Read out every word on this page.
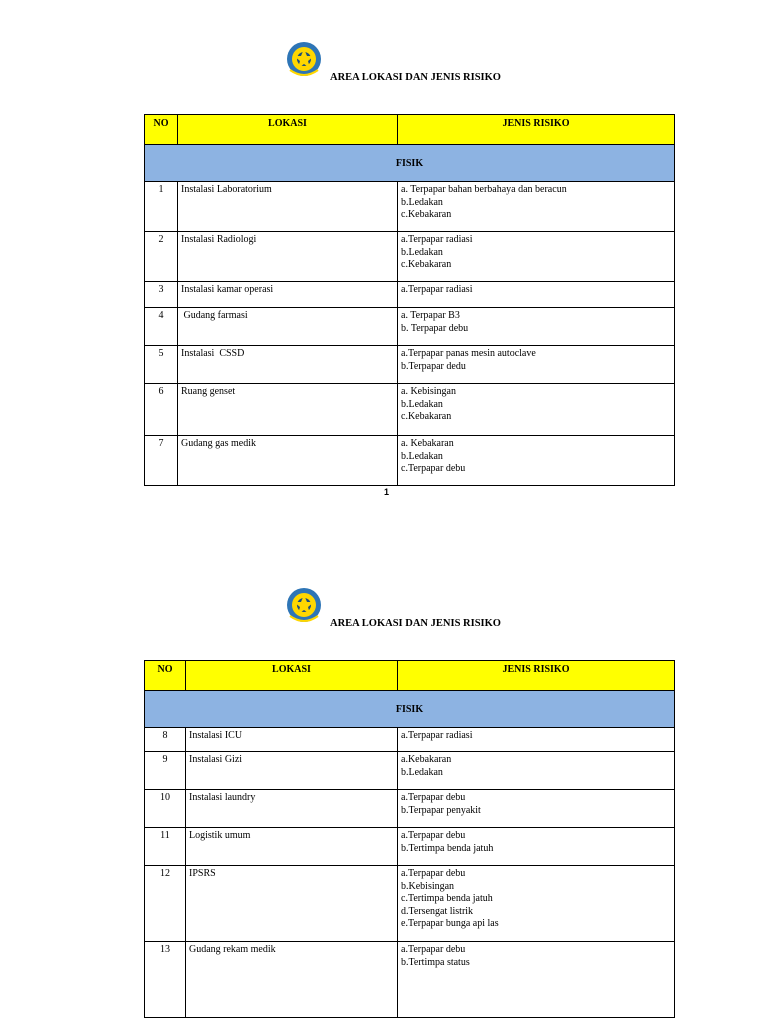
AREA LOKASI DAN JENIS RISIKO
NO	LOKASI	JENIS RISIKO
FISIK		
1	Instalasi Laboratorium	a. Terpapar bahan berbahaya dan beracun
b.Ledakan
c.Kebakaran

2	Instalasi Radiologi	a.Terpapar radiasi
b.Ledakan
c.Kebakaran

3	Instalasi kamar operasi	a.Terpapar radiasi

4	Gudang farmasi	a. Terpapar B3
b. Terpapar debu

5	Instalasi  CSSD	a.Terpapar panas mesin autoclave
b.Terpapar dedu

6	Ruang genset	a. Kebisingan
b.Ledakan
c.Kebakaran

7	Gudang gas medik	a. Kebakaran
b.Ledakan
c.Terpapar debu
1
AREA LOKASI DAN JENIS RISIKO
NO	LOKASI	JENIS RISIKO
FISIK		
8	Instalasi ICU	a.Terpapar radiasi

9	Instalasi Gizi	a.Kebakaran
b.Ledakan

10	Instalasi laundry	a.Terpapar debu
b.Terpapar penyakit

11	Logistik umum	a.Terpapar debu
b.Tertimpa benda jatuh

12	IPSRS	a.Terpapar debu
b.Kebisingan
c.Tertimpa benda jatuh
d.Tersengat listrik
e.Terpapar bunga api las

13	Gudang rekam medik	a.Terpapar debu
b.Tertimpa status
